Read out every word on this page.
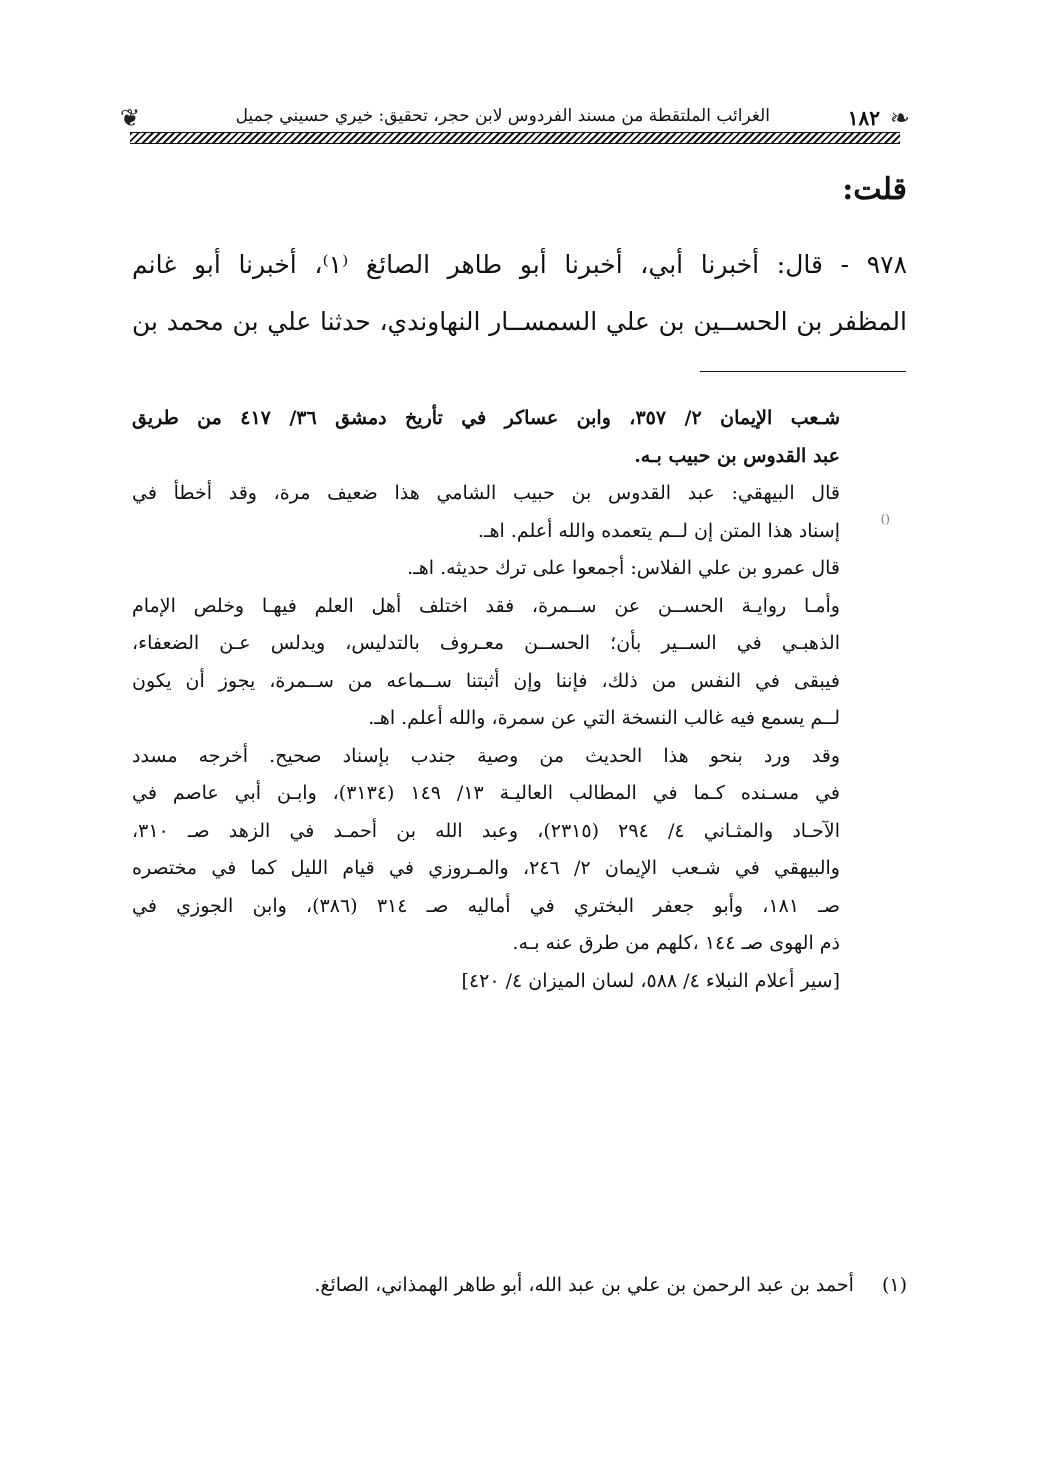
❦	الغرائب الملتقطة من مسند الفردوس لابن حجر، تحقيق: خيري حسيني جميل	١٨٢ ❧
قلت:
٩٧٨ - قال: أخبرنا أبي، أخبرنا أبو طاهر الصائغ ⁽١⁾، أخبرنا أبو غانم
المظفر بن الحســين بن علي السمســار النهاوندي، حدثنا علي بن محمد بن
()
شـعب الإيمان ٢/ ٣٥٧، وابن عساكر في تأريخ دمشق ٣٦/ ٤١٧ من طريق
عبد القدوس بن حبيب بـه.
قال البيهقي: عبد القدوس بن حبيب الشامي هذا ضعيف مرة، وقد أخطأ في
إسناد هذا المتن إن لــم يتعمده والله أعلم. اهـ.
قال عمرو بن علي الفلاس: أجمعوا على ترك حديثه. اهـ.
وأمـا روايـة الحســن عن ســمرة، فقد اختلف أهل العلم فيهـا وخلص الإمام
الذهبـي في الســير بأن؛ الحســن معـروف بالتدليس، ويدلس عـن الضعفاء،
فيبقى في النفس من ذلك، فإننا وإن أثبتنا ســماعه من ســمرة، يجوز أن يكون
لــم يسمع فيه غالب النسخة التي عن سمرة، والله أعلم. اهـ.
وقد ورد بنحو هذا الحديث من وصية جندب بإسناد صحيح. أخرجه مسدد
في مسـنده كـما في المطالب العاليـة ١٣/ ١٤٩ (٣١٣٤)، وابـن أبي عاصم في
الآحـاد والمثـاني ٤/ ٢٩٤ (٢٣١٥)، وعبد الله بن أحمـد في الزهد صـ ٣١٠،
والبيهقي في شـعب الإيمان ٢/ ٢٤٦، والمـروزي في قيام الليل كما في مختصره
صـ ١٨١، وأبو جعفر البختري في أماليه صـ ٣١٤ (٣٨٦)، وابن الجوزي في
ذم الهوى صـ ١٤٤ ،كلهم من طرق عنه بـه.
[سير أعلام النبلاء ٤/ ٥٨٨، لسان الميزان ٤/ ٤٢٠]
(١) أحمد بن عبد الرحمن بن علي بن عبد الله، أبو طاهر الهمذاني، الصائغ.
